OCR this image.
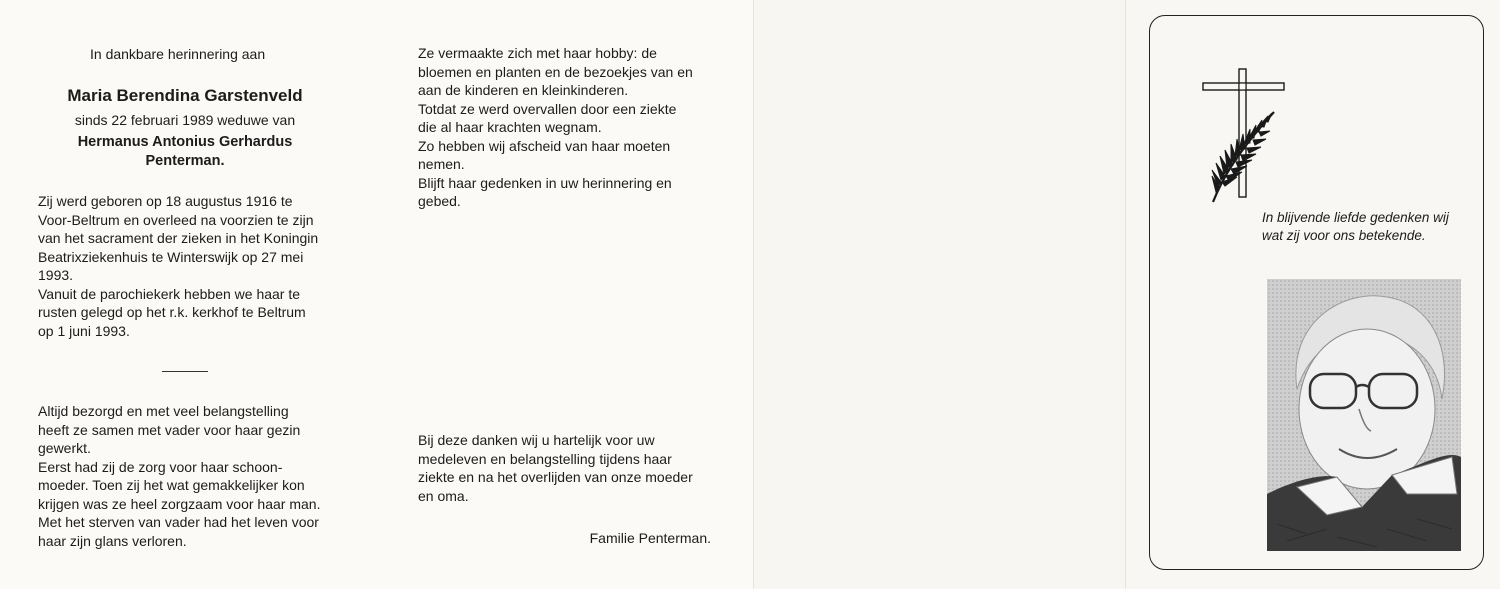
In dankbare herinnering aan
Maria Berendina Garstenveld
sinds 22 februari 1989 weduwe van
Hermanus Antonius Gerhardus
Penterman.
Zij werd geboren op 18 augustus 1916 te
Voor-Beltrum en overleed na voorzien te zijn
van het sacrament der zieken in het Koningin
Beatrixziekenhuis te Winterswijk op 27 mei
1993.
Vanuit de parochiekerk hebben we haar te
rusten gelegd op het r.k. kerkhof te Beltrum
op 1 juni 1993.
Altijd bezorgd en met veel belangstelling
heeft ze samen met vader voor haar gezin
gewerkt.
Eerst had zij de zorg voor haar schoon-
moeder. Toen zij het wat gemakkelijker kon
krijgen was ze heel zorgzaam voor haar man.
Met het sterven van vader had het leven voor
haar zijn glans verloren.
Ze vermaakte zich met haar hobby: de
bloemen en planten en de bezoekjes van en
aan de kinderen en kleinkinderen.
Totdat ze werd overvallen door een ziekte
die al haar krachten wegnam.
Zo hebben wij afscheid van haar moeten
nemen.
Blijft haar gedenken in uw herinnering en
gebed.
Bij deze danken wij u hartelijk voor uw
medeleven en belangstelling tijdens haar
ziekte en na het overlijden van onze moeder
en oma.
Familie Penterman.
In blijvende liefde gedenken wij
wat zij voor ons betekende.
